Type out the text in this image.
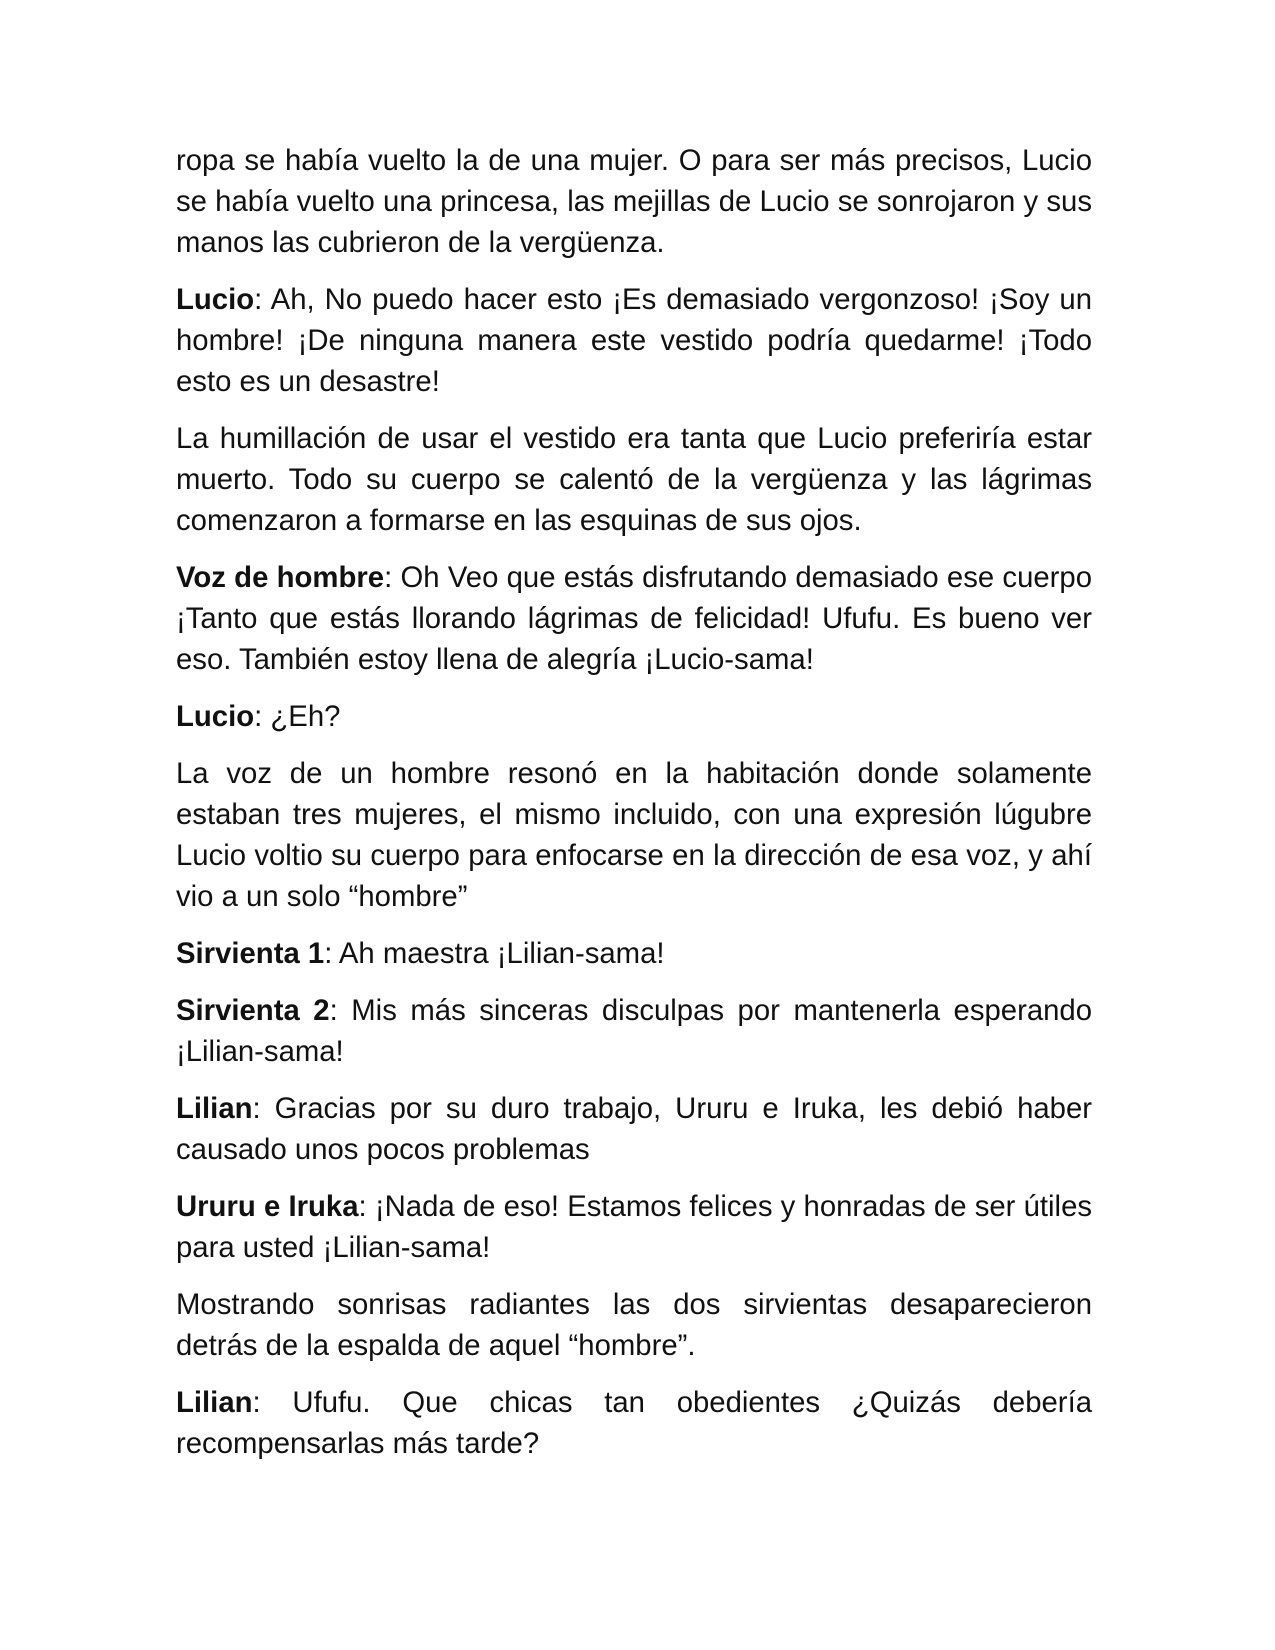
ropa se había vuelto la de una mujer. O para ser más precisos, Lucio se había vuelto una princesa, las mejillas de Lucio se sonrojaron y sus manos las cubrieron de la vergüenza.

Lucio: Ah, No puedo hacer esto ¡Es demasiado vergonzoso! ¡Soy un hombre! ¡De ninguna manera este vestido podría quedarme! ¡Todo esto es un desastre!

La humillación de usar el vestido era tanta que Lucio preferiría estar muerto. Todo su cuerpo se calentó de la vergüenza y las lágrimas comenzaron a formarse en las esquinas de sus ojos.

Voz de hombre: Oh Veo que estás disfrutando demasiado ese cuerpo ¡Tanto que estás llorando lágrimas de felicidad! Ufufu. Es bueno ver eso. También estoy llena de alegría ¡Lucio-sama!

Lucio: ¿Eh?

La voz de un hombre resonó en la habitación donde solamente estaban tres mujeres, el mismo incluido, con una expresión lúgubre Lucio voltio su cuerpo para enfocarse en la dirección de esa voz, y ahí vio a un solo “hombre”

Sirvienta 1: Ah maestra ¡Lilian-sama!

Sirvienta 2: Mis más sinceras disculpas por mantenerla esperando ¡Lilian-sama!

Lilian: Gracias por su duro trabajo, Ururu e Iruka, les debió haber causado unos pocos problemas

Ururu e Iruka: ¡Nada de eso! Estamos felices y honradas de ser útiles para usted ¡Lilian-sama!

Mostrando sonrisas radiantes las dos sirvientas desaparecieron detrás de la espalda de aquel “hombre”.

Lilian: Ufufu. Que chicas tan obedientes ¿Quizás debería recompensarlas más tarde?
